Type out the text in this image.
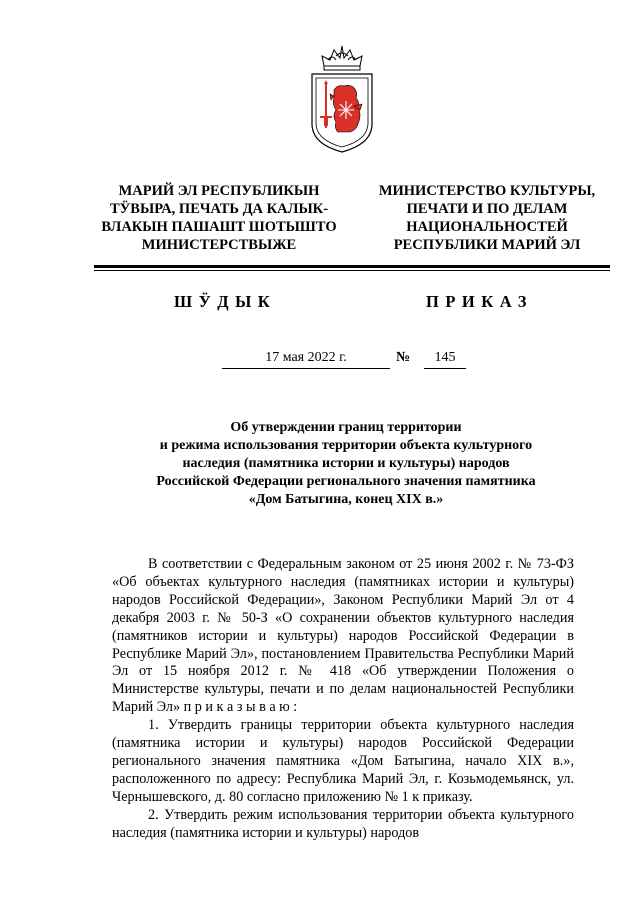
МАРИЙ ЭЛ РЕСПУБЛИКЫН
ТӰВЫРА, ПЕЧАТЬ ДА КАЛЫК-
ВЛАКЫН ПАШАШТ ШОТЫШТО
МИНИСТЕРСТВЫЖЕ
МИНИСТЕРСТВО КУЛЬТУРЫ,
ПЕЧАТИ И ПО ДЕЛАМ
НАЦИОНАЛЬНОСТЕЙ
РЕСПУБЛИКИ МАРИЙ ЭЛ
ШӰДЫК	ПРИКАЗ
17 мая 2022 г.	№	145
Об утверждении границ территории
и режима использования территории объекта культурного
наследия (памятника истории и культуры) народов
Российской Федерации регионального значения памятника
«Дом Батыгина, конец XIX в.»

В соответствии с Федеральным законом от 25 июня 2002 г. № 73-ФЗ «Об объектах культурного наследия (памятниках истории и культуры) народов Российской Федерации», Законом Республики Марий Эл от 4 декабря 2003 г. № 50-З «О сохранении объектов культурного наследия (памятников истории и культуры) народов Российской Федерации в Республике Марий Эл», постановлением Правительства Республики Марий Эл от 15 ноября 2012 г. № 418 «Об утверждении Положения о Министерстве культуры, печати и по делам национальностей Республики Марий Эл» п р и к а з ы в а ю :

1. Утвердить границы территории объекта культурного наследия (памятника истории и культуры) народов Российской Федерации регионального значения памятника «Дом Батыгина, начало XIX в.», расположенного по адресу: Республика Марий Эл, г. Козьмодемьянск, ул. Чернышевского, д. 80 согласно приложению № 1 к приказу.

2. Утвердить режим использования территории объекта культурного наследия (памятника истории и культуры) народов
